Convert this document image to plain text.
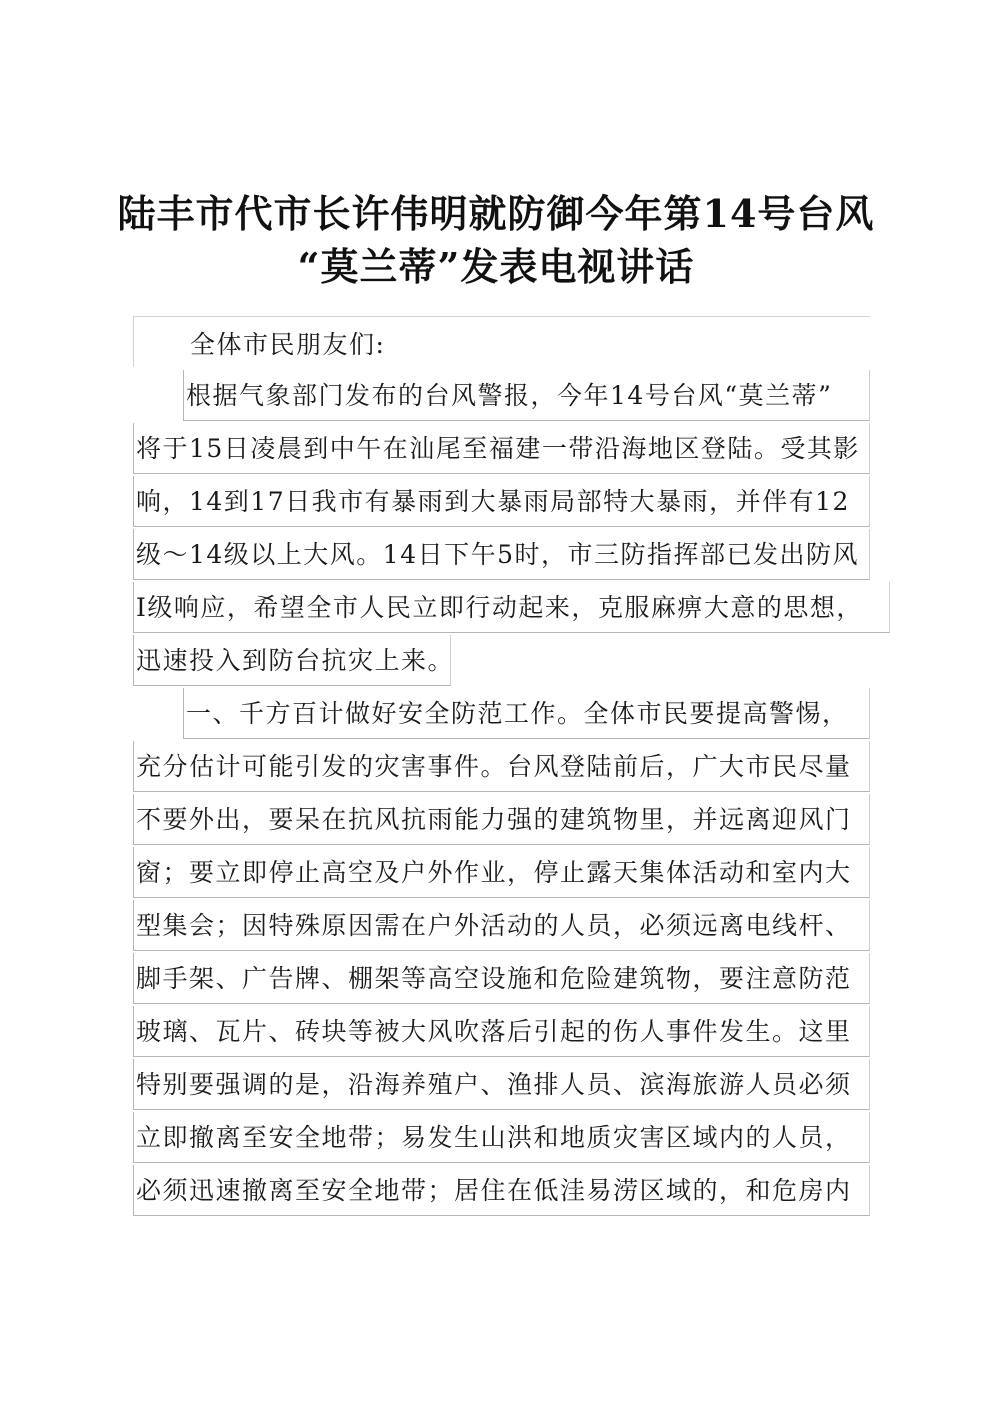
陆丰市代市长许伟明就防御今年第14号台风
“莫兰蒂”发表电视讲话
全体市民朋友们:
根据气象部门发布的台风警报，今年14号台风“莫兰蒂”
将于15日凌晨到中午在汕尾至福建一带沿海地区登陆。受其影
响，14到17日我市有暴雨到大暴雨局部特大暴雨，并伴有12
级～14级以上大风。14日下午5时，市三防指挥部已发出防风
Ⅰ级响应，希望全市人民立即行动起来，克服麻痹大意的思想，
迅速投入到防台抗灾上来。
一、千方百计做好安全防范工作。全体市民要提高警惕，
充分估计可能引发的灾害事件。台风登陆前后，广大市民尽量
不要外出，要呆在抗风抗雨能力强的建筑物里，并远离迎风门
窗；要立即停止高空及户外作业，停止露天集体活动和室内大
型集会；因特殊原因需在户外活动的人员，必须远离电线杆、
脚手架、广告牌、棚架等高空设施和危险建筑物，要注意防范
玻璃、瓦片、砖块等被大风吹落后引起的伤人事件发生。这里
特别要强调的是，沿海养殖户、渔排人员、滨海旅游人员必须
立即撤离至安全地带；易发生山洪和地质灾害区域内的人员，
必须迅速撤离至安全地带；居住在低洼易涝区域的，和危房内
